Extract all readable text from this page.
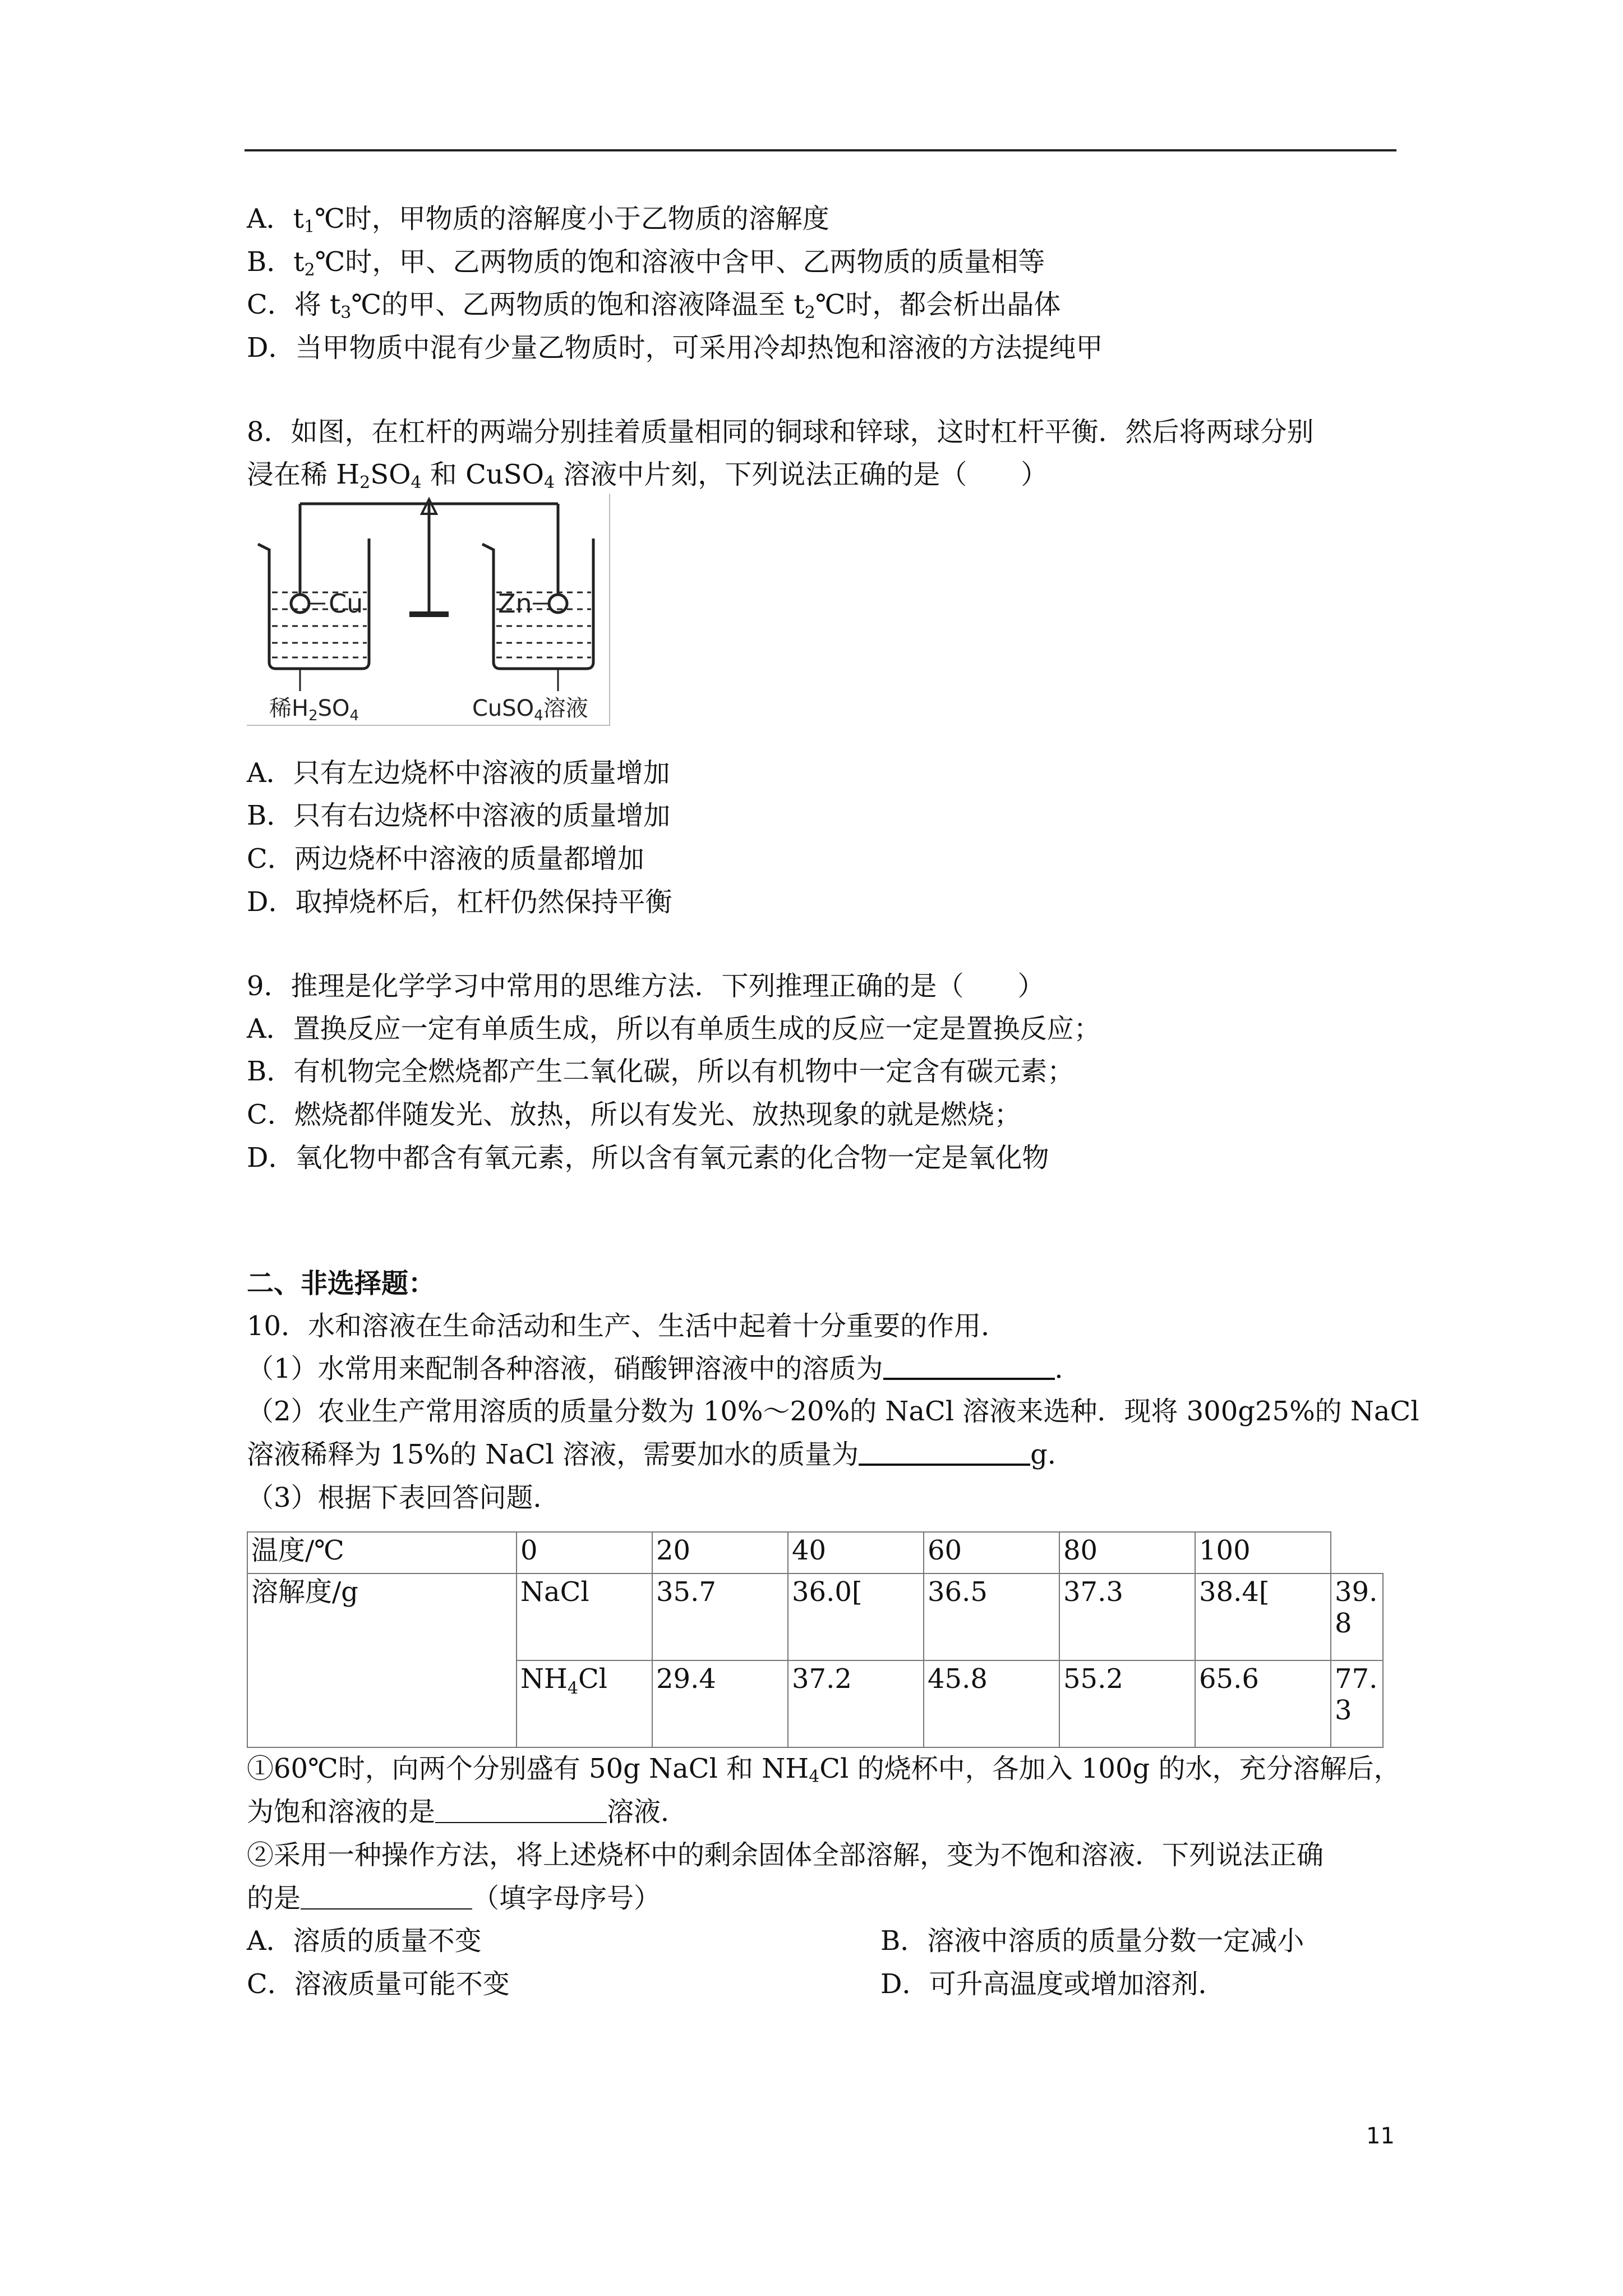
A．$t_1℃$时，甲物质的溶解度小于乙物质的溶解度
B．$t_2℃$时，甲、乙两物质的饱和溶液中含甲、乙两物质的质量相等
C．将 $t_3℃$的甲、乙两物质的饱和溶液降温至 $t_2℃$时，都会析出晶体
D．当甲物质中混有少量乙物质时，可采用冷却热饱和溶液的方法提纯甲
8．如图，在杠杆的两端分别挂着质量相同的铜球和锌球，这时杠杆平衡．然后将两球分别
浸在稀 $H_2SO_4$ 和 CuSO$_4$ 溶液中片刻，下列说法正确的是（　　）
Cu	Zn
稀$H_2SO_4$	CuSO$_4$溶液
A．只有左边烧杯中溶液的质量增加
B．只有右边烧杯中溶液的质量增加
C．两边烧杯中溶液的质量都增加
D．取掉烧杯后，杠杆仍然保持平衡
9．推理是化学学习中常用的思维方法．下列推理正确的是（　　）
A．置换反应一定有单质生成，所以有单质生成的反应一定是置换反应；
B．有机物完全燃烧都产生二氧化碳，所以有机物中一定含有碳元素；
C．燃烧都伴随发光、放热，所以有发光、放热现象的就是燃烧；
D．氧化物中都含有氧元素，所以含有氧元素的化合物一定是氧化物
二、非选择题：
10．水和溶液在生命活动和生产、生活中起着十分重要的作用．
（1）水常用来配制各种溶液，硝酸钾溶液中的溶质为	．
（2）农业生产常用溶质的质量分数为 10%～20%的 NaCl 溶液来选种．现将 300g25%的 NaCl
溶液稀释为 15%的 NaCl 溶液，需要加水的质量为	g．
（3）根据下表回答问题．
温度/℃	0	20	40	60	80	100	
溶解度/g	NaCl	35.7	36.0[	36.5	37.3	38.4[	39.
8
	$NH_4Cl$	29.4	37.2	45.8	55.2	65.6	77.
3
①60℃时，向两个分别盛有 50g NaCl 和 $NH_4Cl$ 的烧杯中，各加入 100g 的水，充分溶解后，
为饱和溶液的是	溶液．
②采用一种操作方法，将上述烧杯中的剩余固体全部溶解，变为不饱和溶液．下列说法正确
的是	（填字母序号）
A．溶质的质量不变	B．溶液中溶质的质量分数一定减小
C．溶液质量可能不变	D．可升高温度或增加溶剂．
11
